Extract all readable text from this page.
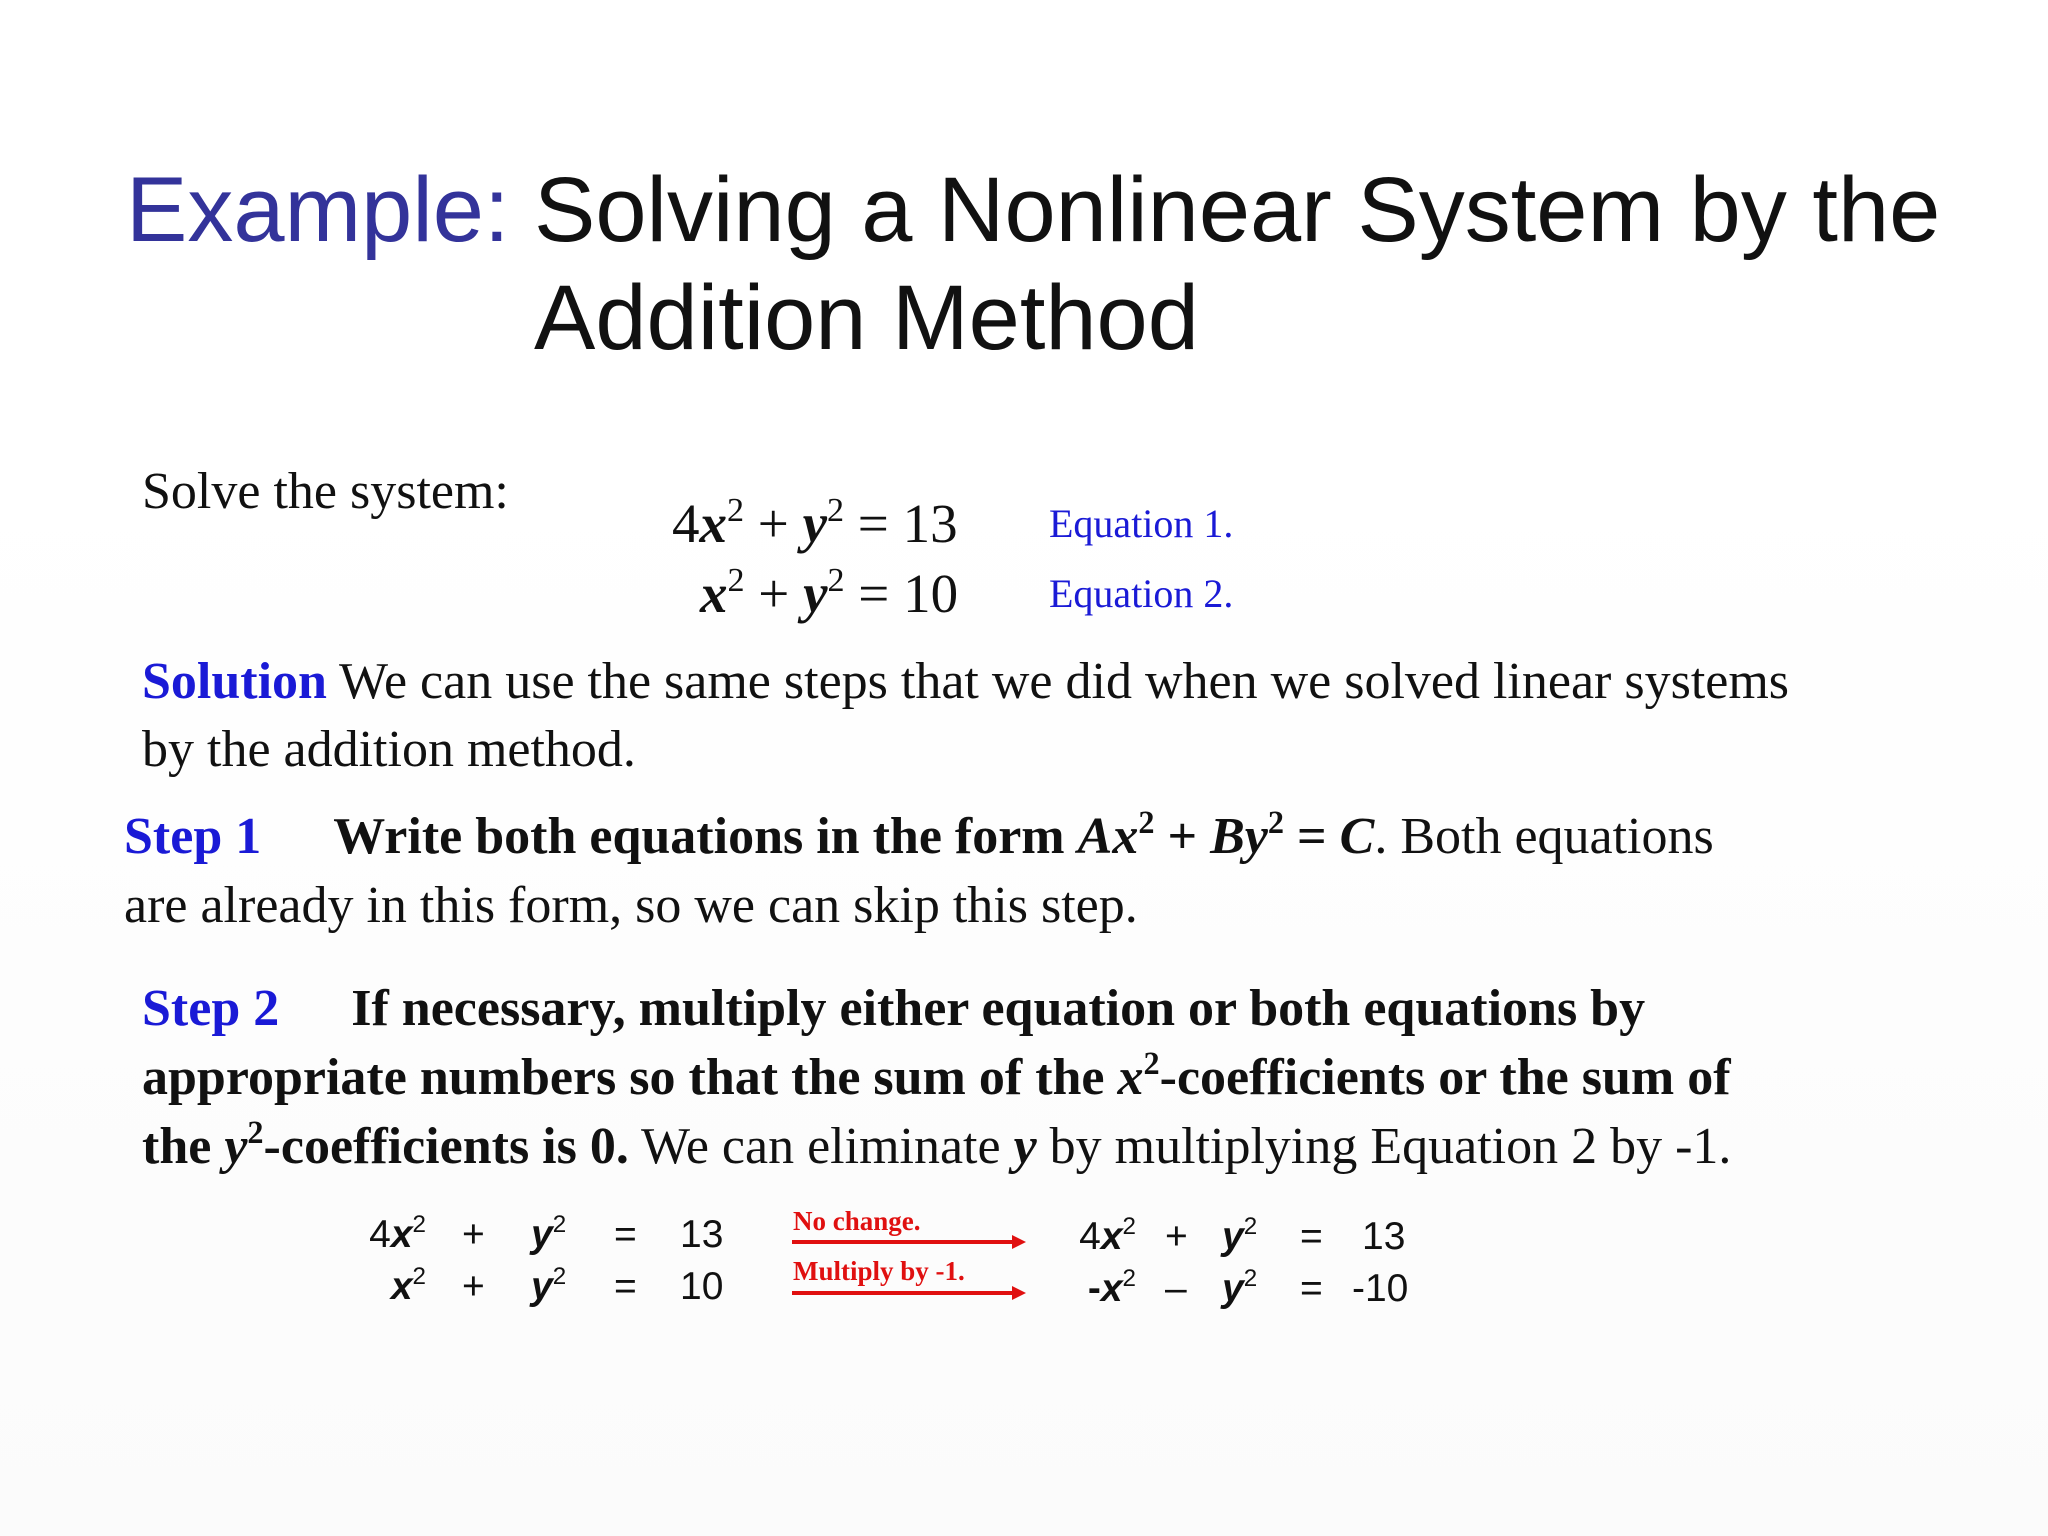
Example: Solving a Nonlinear System by the
Addition Method
Solve the system:
$4x^2 + y^2 = 13$ Equation 1.
$x^2 + y^2 = 10$ Equation 2.
Solution We can use the same steps that we did when we solved linear systems
by the addition method.
Step 1 Write both equations in the form $Ax^2 + By^2 = C$. Both equations
are already in this form, so we can skip this step.
Step 2 If necessary, multiply either equation or both equations by
appropriate numbers so that the sum of the $x^2$-coefficients or the sum of
the $y^2$-coefficients is 0. We can eliminate y by multiplying Equation 2 by -1.
$4x^2 + y^2 = 13$
$x^2 + y^2 = 10$
No change.
Multiply by -1.
$4x^2 + y^2 = 13$
$-x^2 - y^2 = -10$
